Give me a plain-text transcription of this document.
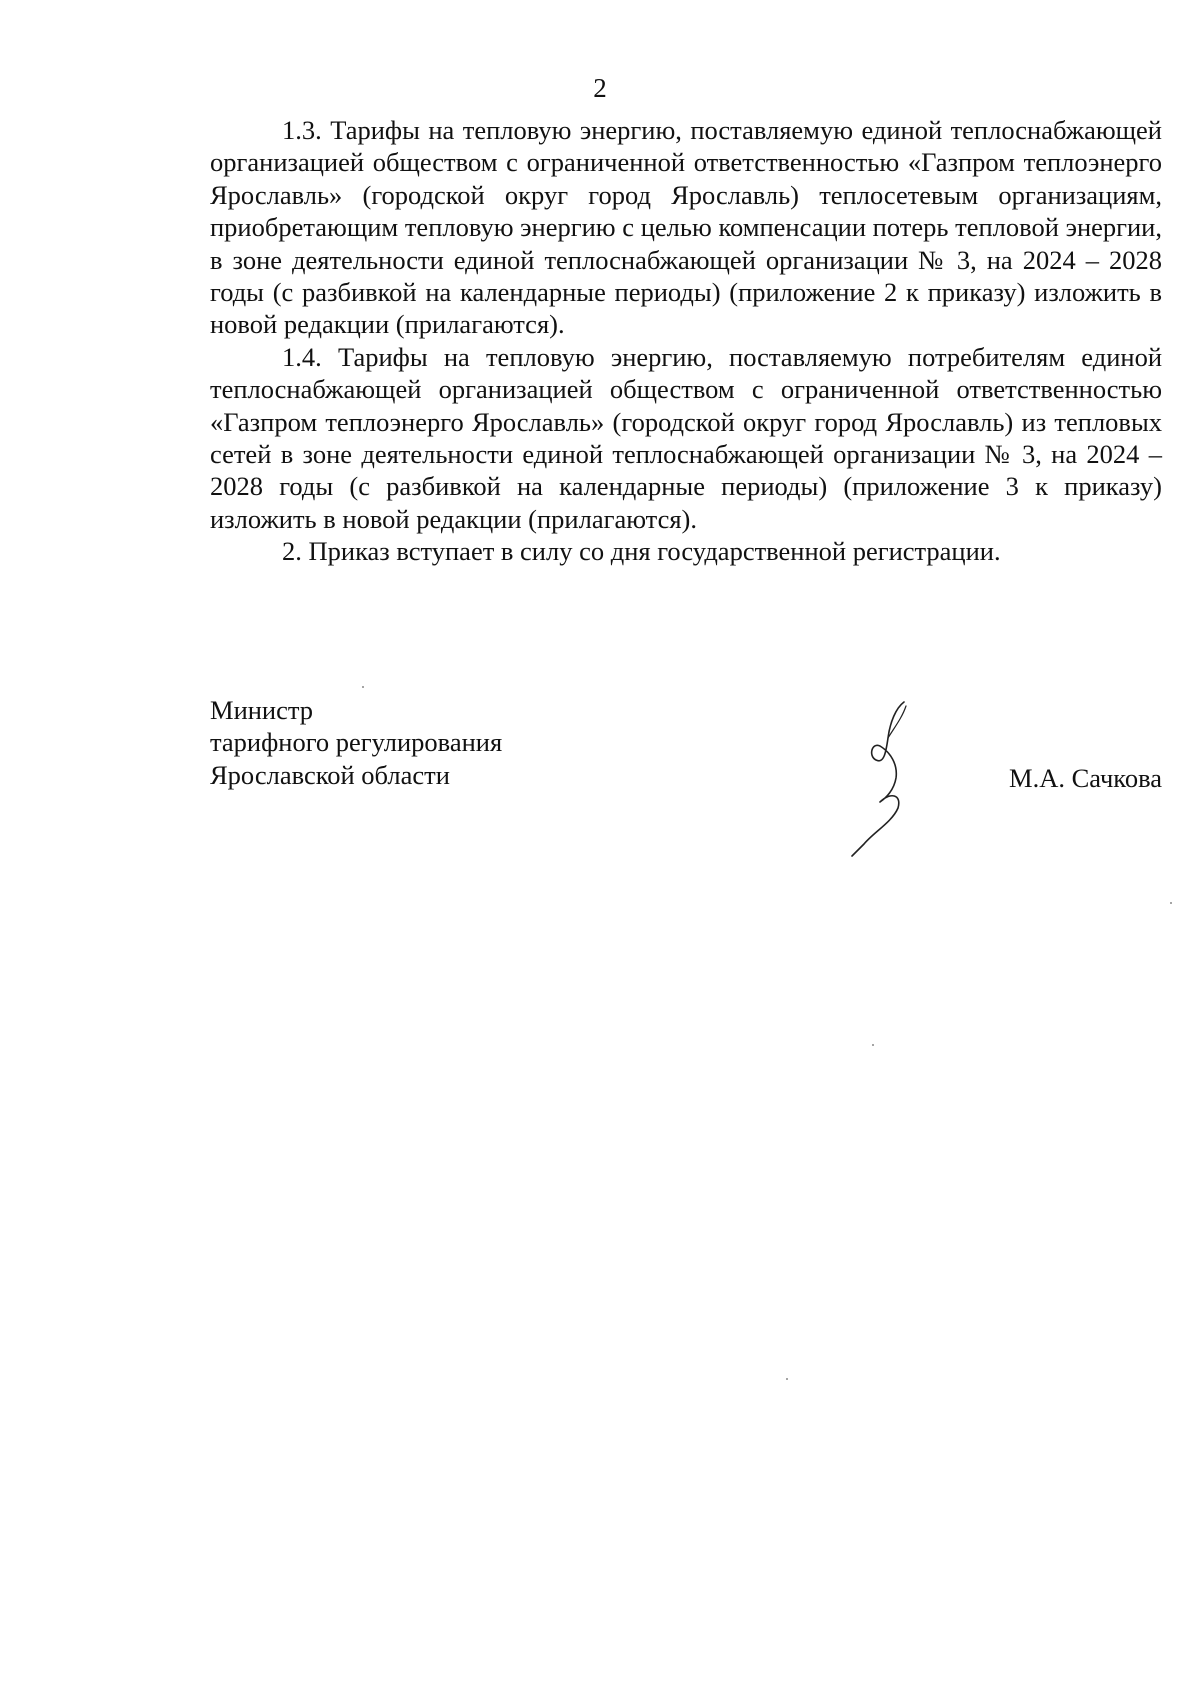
2

1.3. Тарифы на тепловую энергию, поставляемую единой теплоснабжающей организацией обществом с ограниченной ответственностью «Газпром теплоэнерго Ярославль» (городской округ город Ярославль) теплосетевым организациям, приобретающим тепловую энергию с целью компенсации потерь тепловой энергии, в зоне деятельности единой теплоснабжающей организации № 3, на 2024 – 2028 годы (с разбивкой на календарные периоды) (приложение 2 к приказу) изложить в новой редакции (прилагаются).

1.4. Тарифы на тепловую энергию, поставляемую потребителям единой теплоснабжающей организацией обществом с ограниченной ответственностью «Газпром теплоэнерго Ярославль» (городской округ город Ярославль) из тепловых сетей в зоне деятельности единой теплоснабжающей организации № 3, на 2024 – 2028 годы (с разбивкой на календарные периоды) (приложение 3 к приказу) изложить в новой редакции (прилагаются).

2. Приказ вступает в силу со дня государственной регистрации.

Министр
тарифного регулирования
Ярославской области	М.А. Сачкова
